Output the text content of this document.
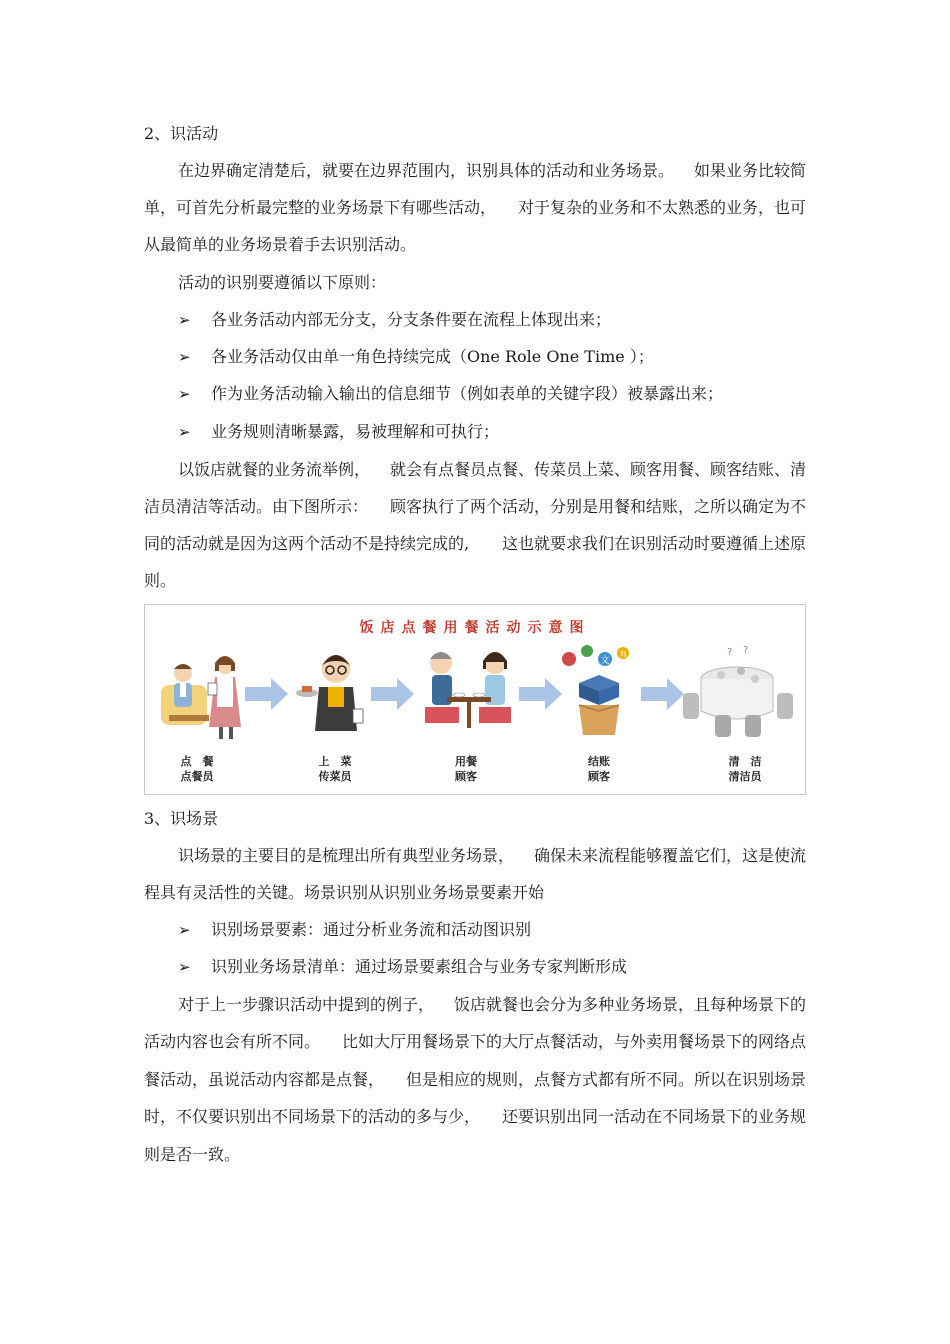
2、识活动
在边界确定清楚后，就要在边界范围内，识别具体的活动和业务场景。 如果业务比较简
单，可首先分析最完整的业务场景下有哪些活动， 对于复杂的业务和不太熟悉的业务，也可
从最简单的业务场景着手去识别活动。
活动的识别要遵循以下原则：
➢ 各业务活动内部无分支，分支条件要在流程上体现出来；
➢ 各业务活动仅由单一角色持续完成（One Role One Time ）；
➢ 作为业务活动输入输出的信息细节（例如表单的关键字段）被暴露出来；
➢ 业务规则清晰暴露，易被理解和可执行；
以饭店就餐的业务流举例， 就会有点餐员点餐、传菜员上菜、顾客用餐、顾客结账、清
洁员清洁等活动。由下图所示： 顾客执行了两个活动，分别是用餐和结账，之所以确定为不
同的活动就是因为这两个活动不是持续完成的, 这也就要求我们在识别活动时要遵循上述原
则。
饭店点餐用餐活动示意图
点　餐
点餐员
上　菜
传菜员
用餐
顾客
文
询
结账
顾客
? ?
清　洁
清洁员
3、识场景
识场景的主要目的是梳理出所有典型业务场景， 确保未来流程能够覆盖它们，这是使流
程具有灵活性的关键。场景识别从识别业务场景要素开始
➢ 识别场景要素：通过分析业务流和活动图识别
➢ 识别业务场景清单：通过场景要素组合与业务专家判断形成
对于上一步骤识活动中提到的例子， 饭店就餐也会分为多种业务场景，且每种场景下的
活动内容也会有所不同。 比如大厅用餐场景下的大厅点餐活动，与外卖用餐场景下的网络点
餐活动，虽说活动内容都是点餐， 但是相应的规则，点餐方式都有所不同。所以在识别场景
时，不仅要识别出不同场景下的活动的多与少， 还要识别出同一活动在不同场景下的业务规
则是否一致。
